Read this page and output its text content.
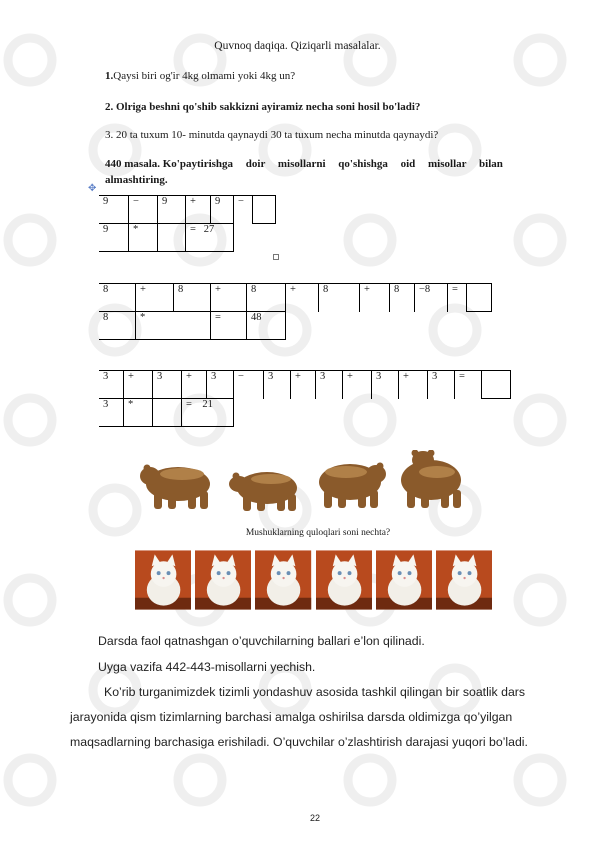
Quvnoq daqiqa. Qiziqarli masalalar.
1.Qaysi biri og'ir 4kg olmami yoki 4kg un?
2. Olriga beshni qo'shib sakkizni ayiramiz necha soni hosil bo'ladi?
3. 20 ta tuxum 10- minutda qaynaydi 30 ta tuxum necha minutda qaynaydi?
440 masala. Ko'paytirishga doir misollarni qo'shishga oid misollar bilan
almashtiring.
✥
9	−	9	+	9	−	
9	*		= 27			
8	+	8	+	8	+	8	+	8	−8	=	
8	*		=	48							
3	+	3	+	3	−	3	+	3	+	3	+	3	=	
3	*		= 21											
Mushuklarning quloqlari soni nechta?
Darsda faol qatnashgan o’quvchilarning ballari e’lon qilinadi.
Uyga vazifa 442-443-misollarni yechish.
Ko’rib turganimizdek tizimli yondashuv asosida tashkil qilingan bir soatlik dars
jarayonida qism tizimlarning barchasi amalga oshirilsa darsda oldimizga qo’yilgan
maqsadlarning barchasiga erishiladi. O’quvchilar o’zlashtirish darajasi yuqori bo’ladi.
22
